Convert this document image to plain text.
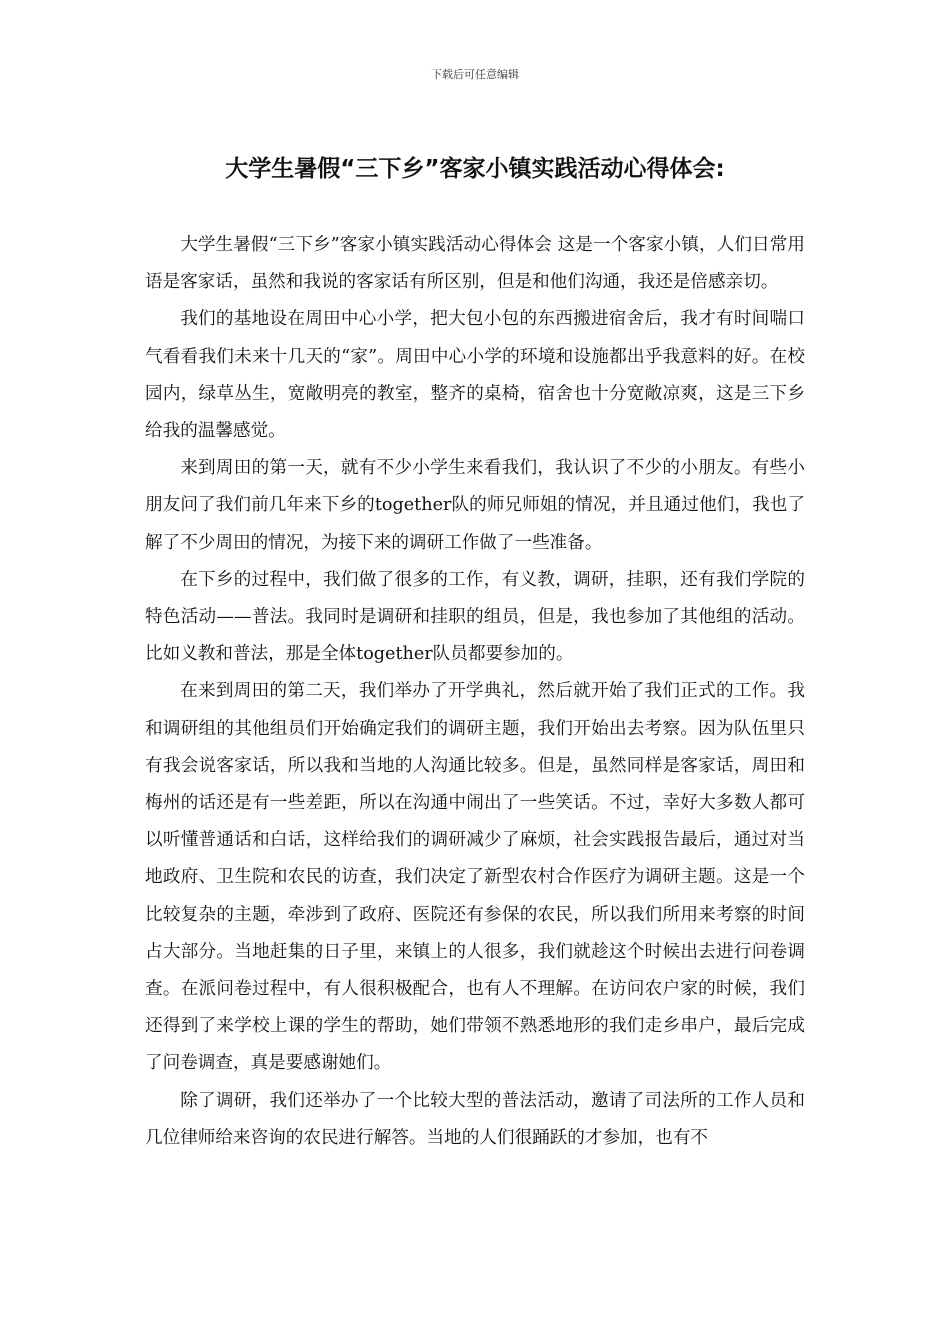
下载后可任意编辑
大学生暑假“三下乡”客家小镇实践活动心得体会:

大学生暑假“三下乡”客家小镇实践活动心得体会 这是一个客家小镇，人们日常用语是客家话，虽然和我说的客家话有所区别，但是和他们沟通，我还是倍感亲切。

我们的基地设在周田中心小学，把大包小包的东西搬进宿舍后，我才有时间喘口气看看我们未来十几天的“家”。周田中心小学的环境和设施都出乎我意料的好。在校园内，绿草丛生，宽敞明亮的教室，整齐的桌椅，宿舍也十分宽敞凉爽，这是三下乡给我的温馨感觉。

来到周田的第一天，就有不少小学生来看我们，我认识了不少的小朋友。有些小朋友问了我们前几年来下乡的together队的师兄师姐的情况，并且通过他们，我也了解了不少周田的情况，为接下来的调研工作做了一些准备。

在下乡的过程中，我们做了很多的工作，有义教，调研，挂职，还有我们学院的特色活动——普法。我同时是调研和挂职的组员，但是，我也参加了其他组的活动。比如义教和普法，那是全体together队员都要参加的。

在来到周田的第二天，我们举办了开学典礼，然后就开始了我们正式的工作。我和调研组的其他组员们开始确定我们的调研主题，我们开始出去考察。因为队伍里只有我会说客家话，所以我和当地的人沟通比较多。但是，虽然同样是客家话，周田和梅州的话还是有一些差距，所以在沟通中闹出了一些笑话。不过，幸好大多数人都可以听懂普通话和白话，这样给我们的调研减少了麻烦，社会实践报告最后，通过对当地政府、卫生院和农民的访查，我们决定了新型农村合作医疗为调研主题。这是一个比较复杂的主题，牵涉到了政府、医院还有参保的农民，所以我们所用来考察的时间占大部分。当地赶集的日子里，来镇上的人很多，我们就趁这个时候出去进行问卷调查。在派问卷过程中，有人很积极配合，也有人不理解。在访问农户家的时候，我们还得到了来学校上课的学生的帮助，她们带领不熟悉地形的我们走乡串户，最后完成了问卷调查，真是要感谢她们。

除了调研，我们还举办了一个比较大型的普法活动，邀请了司法所的工作人员和几位律师给来咨询的农民进行解答。当地的人们很踊跃的才参加，也有不
